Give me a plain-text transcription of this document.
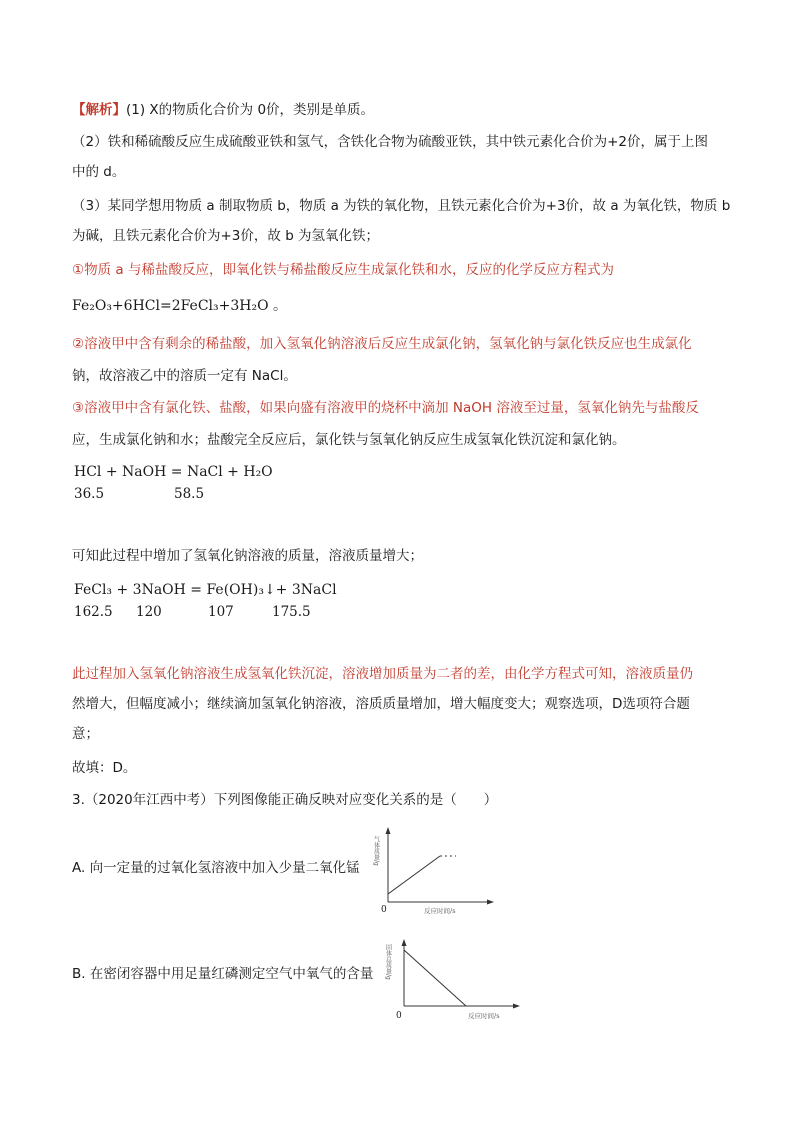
【解析】(1) X的物质化合价为 0价，类别是单质。
（2）铁和稀硫酸反应生成硫酸亚铁和氢气，含铁化合物为硫酸亚铁，其中铁元素化合价为+2价，属于上图
中的 d。
（3）某同学想用物质 a 制取物质 b，物质 a 为铁的氧化物，且铁元素化合价为+3价，故 a 为氧化铁，物质 b
为碱，且铁元素化合价为+3价，故 b 为氢氧化铁；
①物质 a 与稀盐酸反应，即氧化铁与稀盐酸反应生成氯化铁和水，反应的化学反应方程式为
Fe₂O₃+6HCl=2FeCl₃+3H₂O 。
②溶液甲中含有剩余的稀盐酸，加入氢氧化钠溶液后反应生成氯化钠，氢氧化钠与氯化铁反应也生成氯化
钠，故溶液乙中的溶质一定有 NaCl。
③溶液甲中含有氯化铁、盐酸，如果向盛有溶液甲的烧杯中滴加 NaOH 溶液至过量，氢氧化钠先与盐酸反
应，生成氯化钠和水；盐酸完全反应后，氯化铁与氢氧化钠反应生成氢氧化铁沉淀和氯化钠。
HCl + NaOH = NaCl + H₂O
36.5	58.5
可知此过程中增加了氢氧化钠溶液的质量，溶液质量增大；
FeCl₃ + 3NaOH = Fe(OH)₃↓+ 3NaCl
162.5 120	107	175.5
此过程加入氢氧化钠溶液生成氢氧化铁沉淀，溶液增加质量为二者的差，由化学方程式可知，溶液质量仍
然增大，但幅度减小；继续滴加氢氧化钠溶液，溶质质量增加，增大幅度变大；观察选项，D选项符合题
意；
故填：D。
3.（2020年江西中考）下列图像能正确反映对应变化关系的是（　　）
A. 向一定量的过氧化氢溶液中加入少量二氧化锰
气体质量/g
反应时间/s
0
B. 在密闭容器中用足量红磷测定空气中氧气的含量 固体总质量/g
反应时间/s
0
